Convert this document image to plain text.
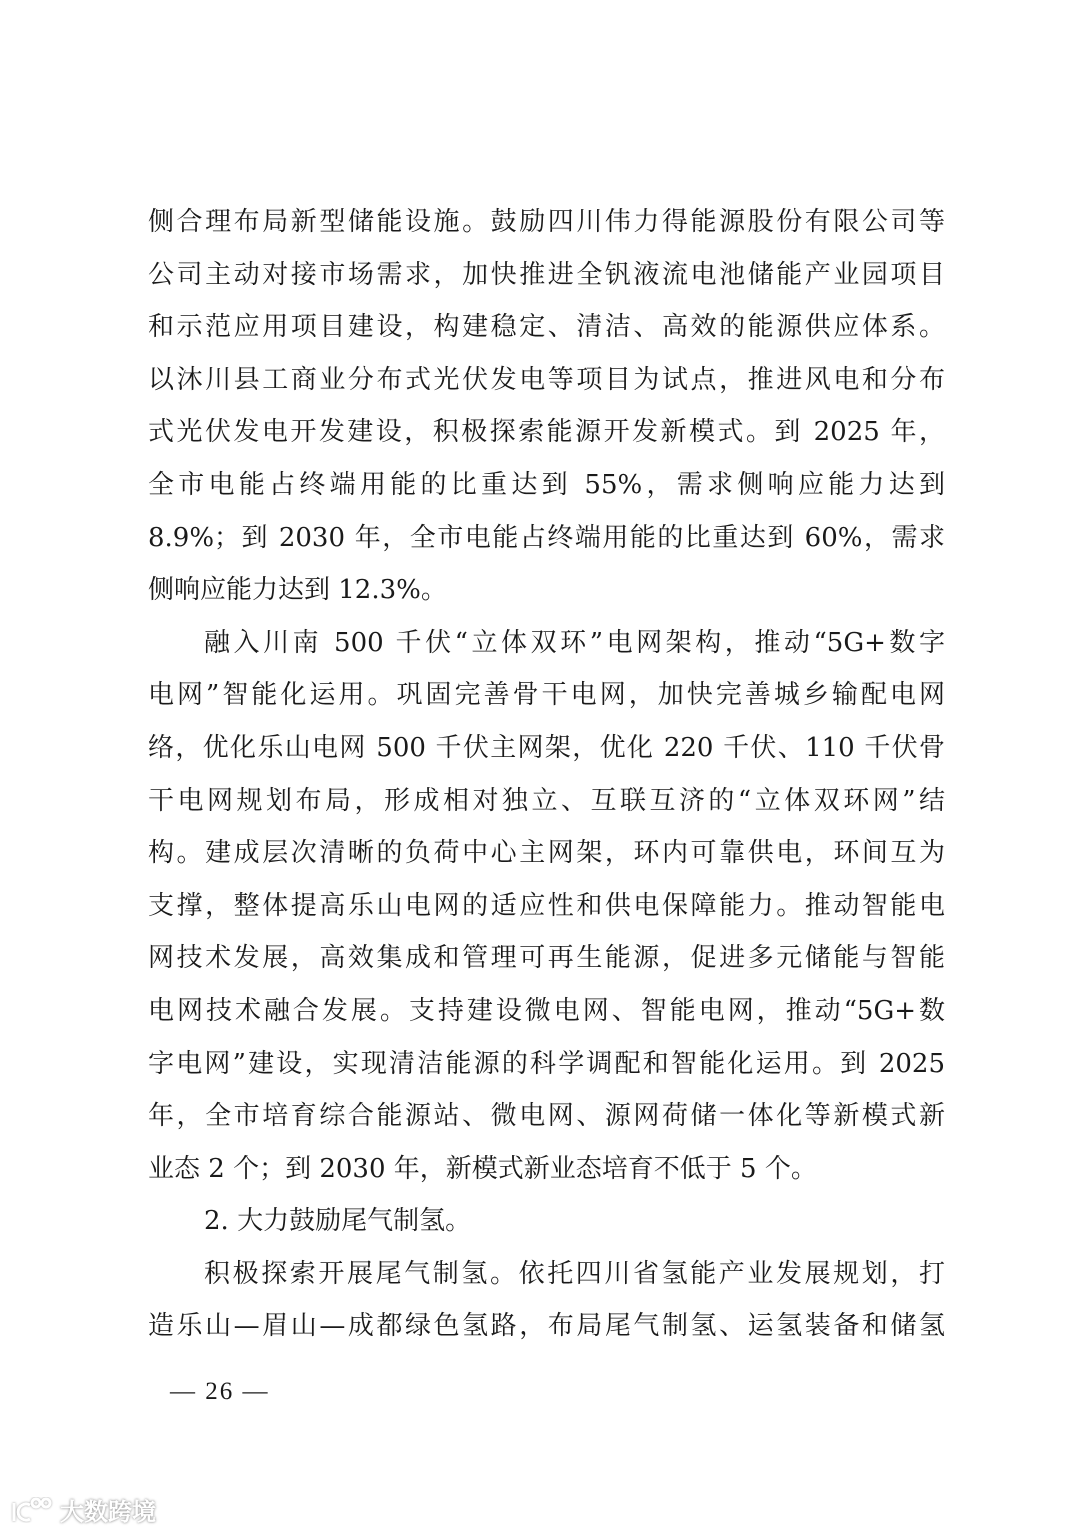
侧合理布局新型储能设施。鼓励四川伟力得能源股份有限公司等
公司主动对接市场需求，加快推进全钒液流电池储能产业园项目
和示范应用项目建设，构建稳定、清洁、高效的能源供应体系。
以沐川县工商业分布式光伏发电等项目为试点，推进风电和分布
式光伏发电开发建设，积极探索能源开发新模式。到 2025 年，
全市电能占终端用能的比重达到 55%，需求侧响应能力达到
8.9%；到 2030 年，全市电能占终端用能的比重达到 60%，需求
侧响应能力达到 12.3%。
融入川南 500 千伏“立体双环”电网架构，推动“5G+数字
电网”智能化运用。巩固完善骨干电网，加快完善城乡输配电网
络，优化乐山电网 500 千伏主网架，优化 220 千伏、110 千伏骨
干电网规划布局，形成相对独立、互联互济的“立体双环网”结
构。建成层次清晰的负荷中心主网架，环内可靠供电，环间互为
支撑，整体提高乐山电网的适应性和供电保障能力。推动智能电
网技术发展，高效集成和管理可再生能源，促进多元储能与智能
电网技术融合发展。支持建设微电网、智能电网，推动“5G+数
字电网”建设，实现清洁能源的科学调配和智能化运用。到 2025
年，全市培育综合能源站、微电网、源网荷储一体化等新模式新
业态 2 个；到 2030 年，新模式新业态培育不低于 5 个。
2. 大力鼓励尾气制氢。
积极探索开展尾气制氢。依托四川省氢能产业发展规划，打
造乐山—眉山—成都绿色氢路，布局尾气制氢、运氢装备和储氢
— 26 —
大数跨境
